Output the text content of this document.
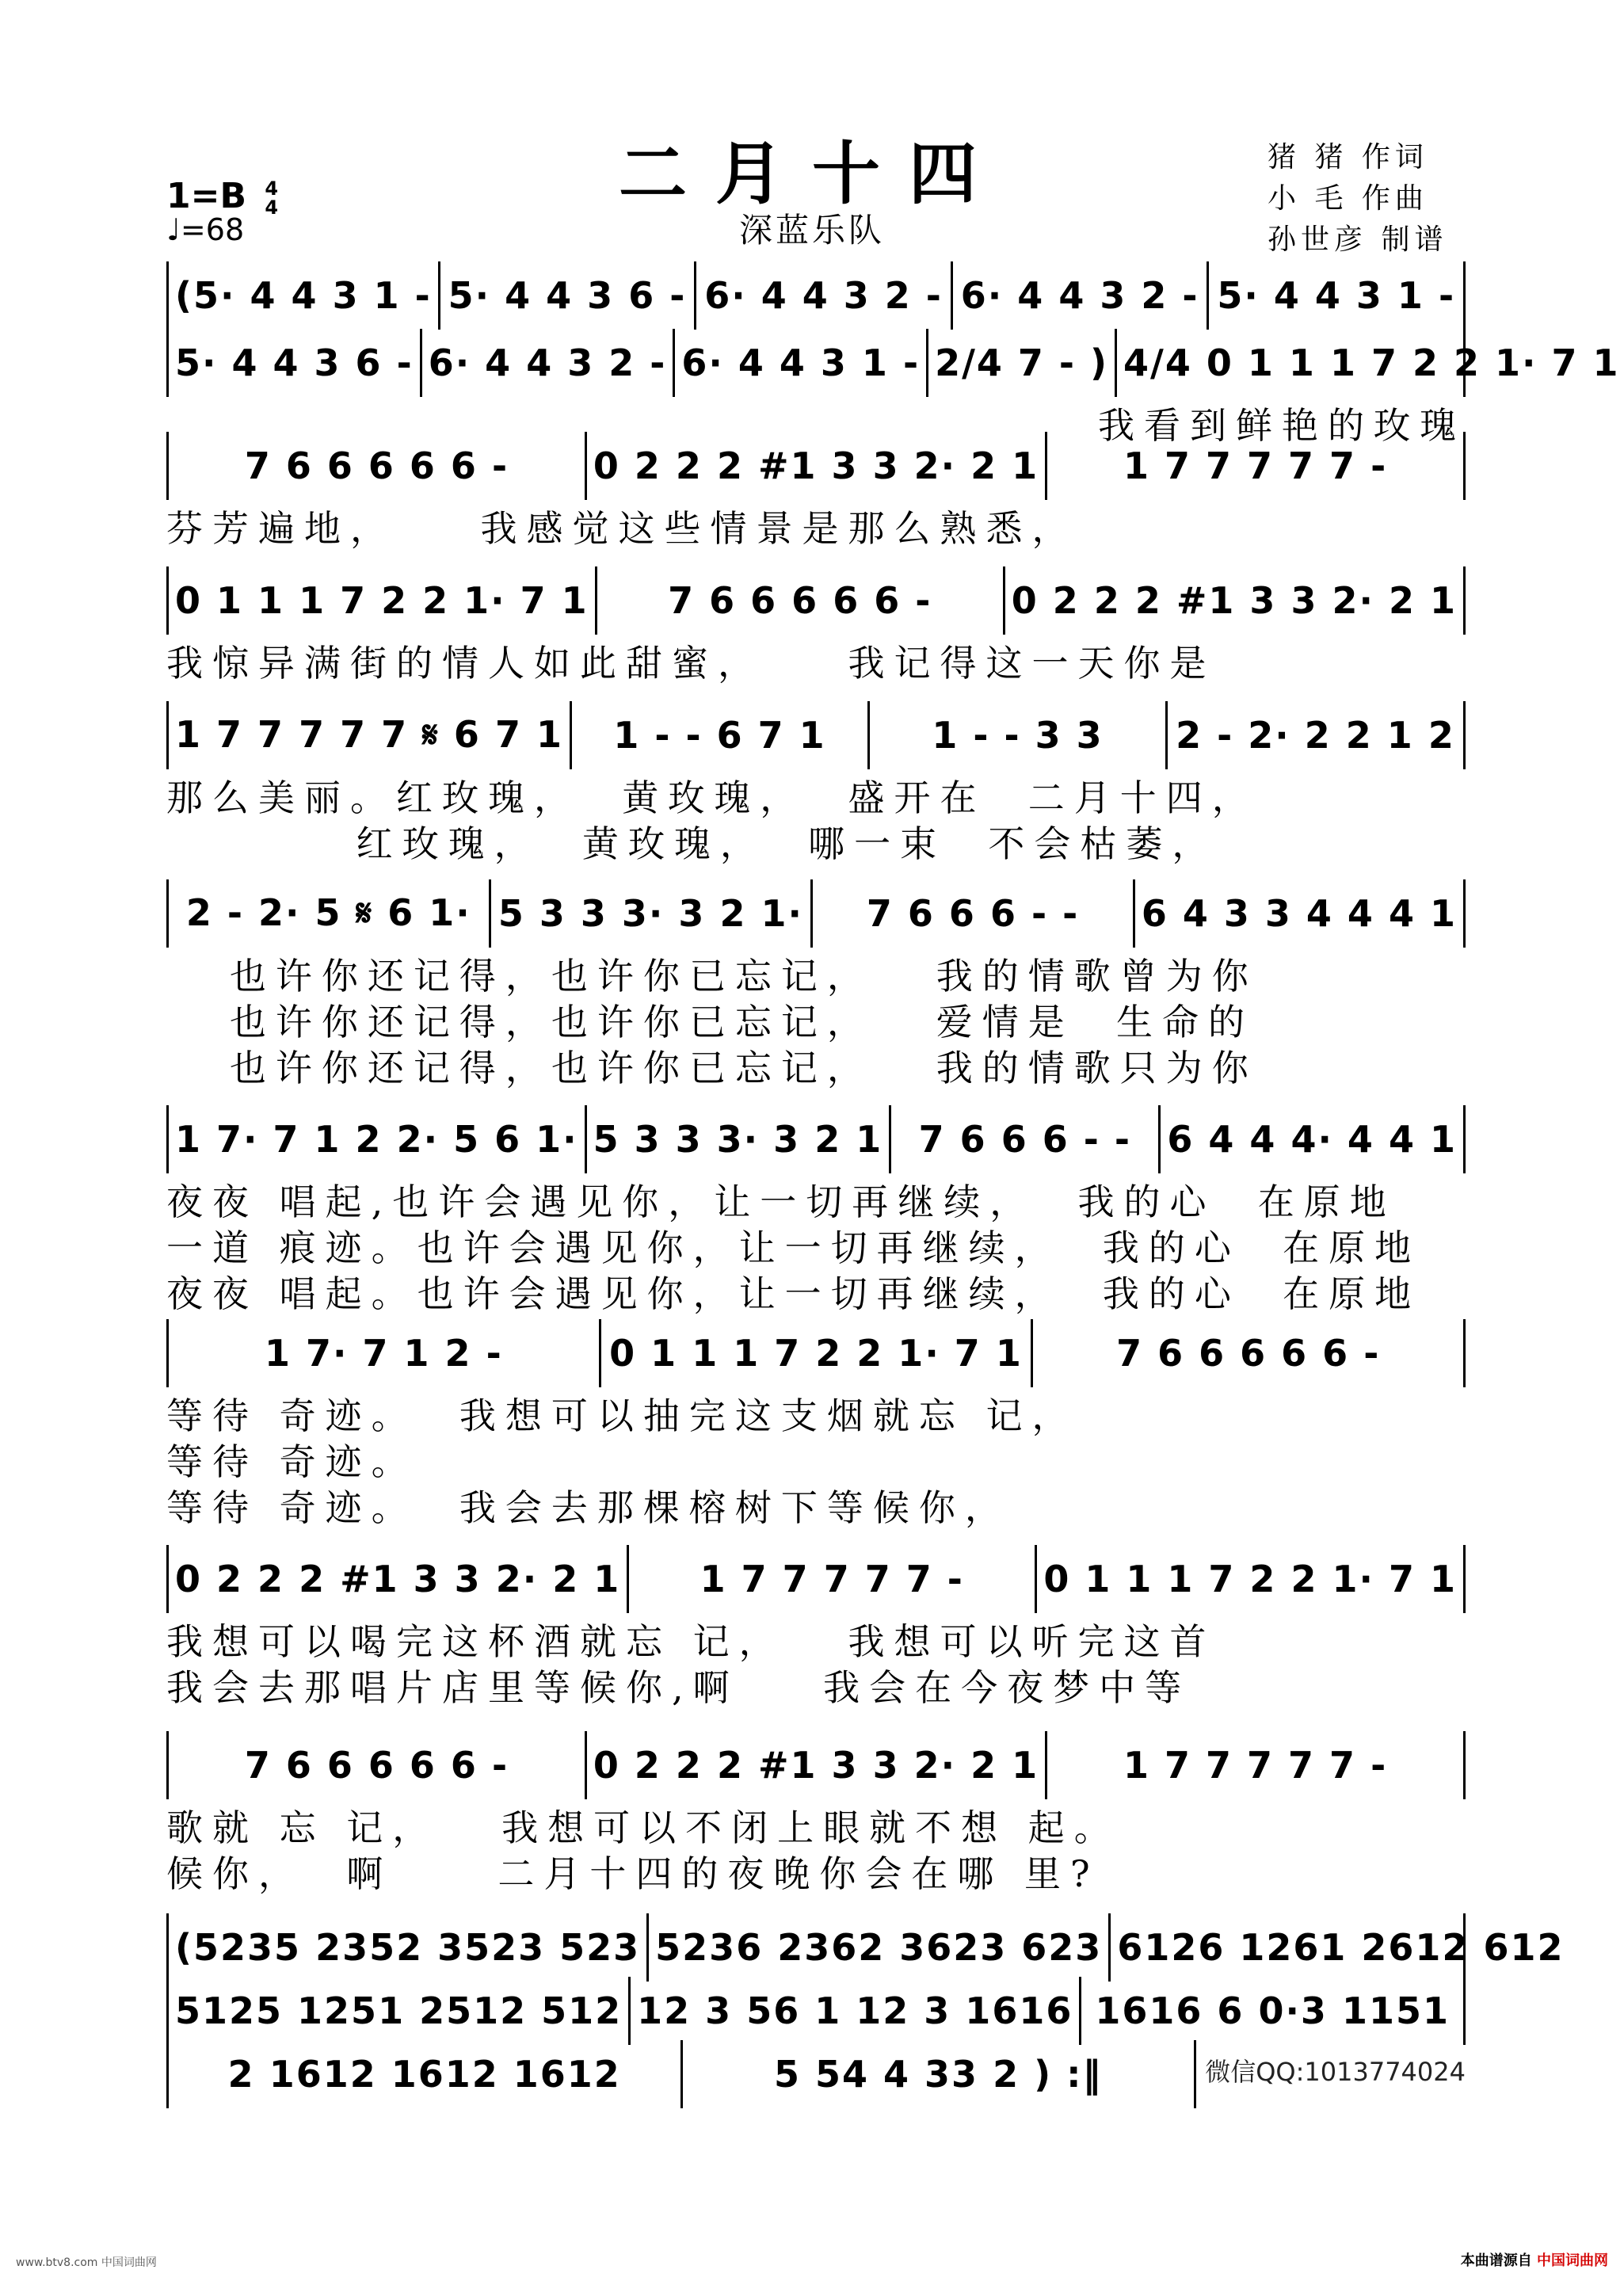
二月十四
深蓝乐队
猪 猪 作词
小 毛 作曲
孙世彦 制谱
1=B 4
4
♩=68
(5· 4 4 3 1 - 5· 4 4 3 6 - 6· 4 4 3 2 - 6· 4 4 3 2 - 5· 4 4 3 1 -
5· 4 4 3 6 - 6· 4 4 3 2 - 6· 4 4 3 1 - 2/4 7 - ) 4/4 0 1 1 1 7 2 2 1· 7 1
我看到鲜艳的玫瑰
7 6 6 6 6 6 -	0 2 2 2 #1 3 3 2· 2 1	1 7 7 7 7 7 -
芬芳遍地，    我感觉这些情景是那么熟悉，
0 1 1 1 7 2 2 1· 7 1	7 6 6 6 6 6 -	0 2 2 2 #1 3 3 2· 2 1
我惊异满街的情人如此甜蜜，    我记得这一天你是
1 7 7 7 7 7 𝄋 6 7 1	1 - - 6 7 1	1 - - 3 3	2 - 2· 2 2 1 2
那么美丽。红玫瑰，  黄玫瑰，  盛开在  二月十四，
红玫瑰，  黄玫瑰，  哪一束  不会枯萎，
2 - 2· 5 𝄋 6 1· 5 3 3 3· 3 2 1·	7 6 6 6 - -	6 4 3 3 4 4 4 1
也许你还记得，也许你已忘记，   我的情歌曾为你
也许你还记得，也许你已忘记，   爱情是  生命的
也许你还记得，也许你已忘记，   我的情歌只为你
1 7· 7 1 2 2· 5 6 1· 5 3 3 3· 3 2 1 7 6 6 6 - - 6 4 4 4· 4 4 1
夜夜 唱起,也许会遇见你，让一切再继续，  我的心  在原地
一道 痕迹。也许会遇见你，让一切再继续，  我的心  在原地
夜夜 唱起。也许会遇见你，让一切再继续，  我的心  在原地
1 7· 7 1 2 -	0 1 1 1 7 2 2 1· 7 1	7 6 6 6 6 6 -
等待 奇迹。  我想可以抽完这支烟就忘 记，
等待 奇迹。
等待 奇迹。  我会去那棵榕树下等候你，
0 2 2 2 #1 3 3 2· 2 1	1 7 7 7 7 7 -	0 1 1 1 7 2 2 1· 7 1
我想可以喝完这杯酒就忘 记，   我想可以听完这首
我会去那唱片店里等候你,啊    我会在今夜梦中等
7 6 6 6 6 6 -	0 2 2 2 #1 3 3 2· 2 1	1 7 7 7 7 7 -
歌就 忘 记，   我想可以不闭上眼就不想 起。
候你，  啊     二月十四的夜晚你会在哪 里?
(5235 2352 3523 523 5236 2362 3623 623 6126 1261 2612 612
5125 1251 2512 512 12 3 56 1 12 3 1616 1616 6 0·3 1151
2 1612 1612 1612	5 54 4 33 2 ) :‖	微信QQ:1013774024
www.btv8.com 中国词曲网	本曲谱源自 中国词曲网
